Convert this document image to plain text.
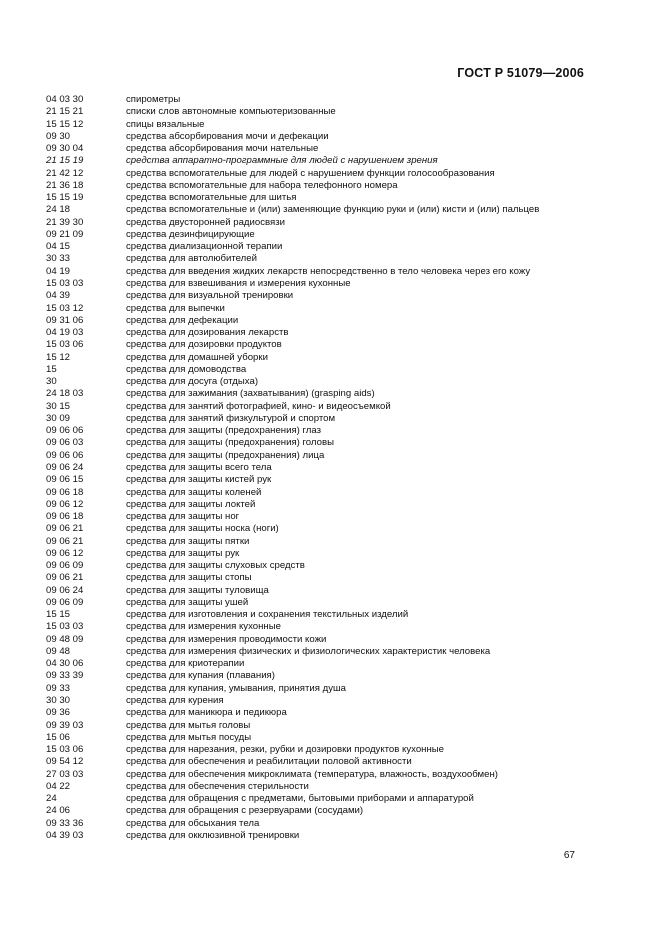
ГОСТ Р 51079—2006
04 03 30	спирометры
21 15 21	списки слов автономные компьютеризованные
15 15 12	спицы вязальные
09 30	средства абсорбирования мочи и дефекации
09 30 04	средства абсорбирования мочи нательные
21 15 19	средства аппаратно-программные для людей с нарушением зрения
21 42 12	средства вспомогательные для людей с нарушением функции голосообразования
21 36 18	средства вспомогательные для набора телефонного номера
15 15 19	средства вспомогательные для шитья
24 18	средства вспомогательные и (или) заменяющие функцию руки и (или) кисти и (или) пальцев
21 39 30	средства двусторонней радиосвязи
09 21 09	средства дезинфицирующие
04 15	средства диализационной терапии
30 33	средства для автолюбителей
04 19	средства для введения жидких лекарств непосредственно в тело человека через его кожу
15 03 03	средства для взвешивания и измерения кухонные
04 39	средства для визуальной тренировки
15 03 12	средства для выпечки
09 31 06	средства для дефекации
04 19 03	средства для дозирования лекарств
15 03 06	средства для дозировки продуктов
15 12	средства для домашней уборки
15	средства для домоводства
30	средства для досуга (отдыха)
24 18 03	средства для зажимания (захватывания) (grasping aids)
30 15	средства для занятий фотографией, кино- и видеосъемкой
30 09	средства для занятий физкультурой и спортом
09 06 06	средства для защиты (предохранения) глаз
09 06 03	средства для защиты (предохранения) головы
09 06 06	средства для защиты (предохранения) лица
09 06 24	средства для защиты всего тела
09 06 15	средства для защиты кистей рук
09 06 18	средства для защиты коленей
09 06 12	средства для защиты локтей
09 06 18	средства для защиты ног
09 06 21	средства для защиты носка (ноги)
09 06 21	средства для защиты пятки
09 06 12	средства для защиты рук
09 06 09	средства для защиты слуховых средств
09 06 21	средства для защиты стопы
09 06 24	средства для защиты туловища
09 06 09	средства для защиты ушей
15 15	средства для изготовления и сохранения текстильных изделий
15 03 03	средства для измерения кухонные
09 48 09	средства для измерения проводимости кожи
09 48	средства для измерения физических и физиологических характеристик человека
04 30 06	средства для криотерапии
09 33 39	средства для купания (плавания)
09 33	средства для купания, умывания, принятия душа
30 30	средства для курения
09 36	средства для маникюра и педикюра
09 39 03	средства для мытья головы
15 06	средства для мытья посуды
15 03 06	средства для нарезания, резки, рубки и дозировки продуктов кухонные
09 54 12	средства для обеспечения и реабилитации половой активности
27 03 03	средства для обеспечения микроклимата (температура, влажность, воздухообмен)
04 22	средства для обеспечения стерильности
24	средства для обращения с предметами, бытовыми приборами и аппаратурой
24 06	средства для обращения с резервуарами (сосудами)
09 33 36	средства для обсыхания тела
04 39 03	средства для окклюзивной тренировки
67
